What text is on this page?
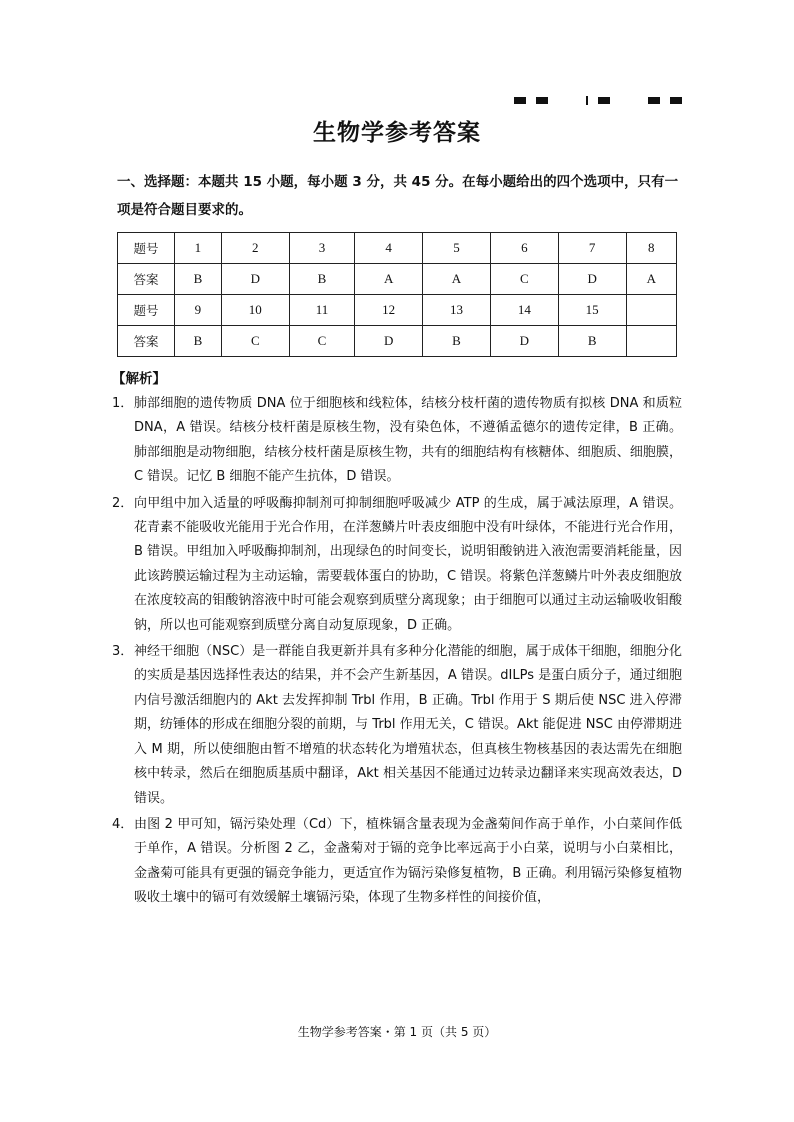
生物学参考答案
一、选择题：本题共 15 小题，每小题 3 分，共 45 分。在每小题给出的四个选项中，只有一项是符合题目要求的。
题号	1	2	3	4	5	6	7	8
答案	B	D	B	A	A	C	D	A
题号	9	10	11	12	13	14	15	
答案	B	C	C	D	B	D	B	
【解析】
1． 肺部细胞的遗传物质 DNA 位于细胞核和线粒体，结核分枝杆菌的遗传物质有拟核 DNA 和质粒 DNA，A 错误。结核分枝杆菌是原核生物，没有染色体，不遵循孟德尔的遗传定律，B 正确。肺部细胞是动物细胞，结核分枝杆菌是原核生物，共有的细胞结构有核糖体、细胞质、细胞膜，C 错误。记忆 B 细胞不能产生抗体，D 错误。
2． 向甲组中加入适量的呼吸酶抑制剂可抑制细胞呼吸减少 ATP 的生成，属于减法原理，A 错误。花青素不能吸收光能用于光合作用，在洋葱鳞片叶表皮细胞中没有叶绿体，不能进行光合作用，B 错误。甲组加入呼吸酶抑制剂，出现绿色的时间变长，说明钼酸钠进入液泡需要消耗能量，因此该跨膜运输过程为主动运输，需要载体蛋白的协助，C 错误。将紫色洋葱鳞片叶外表皮细胞放在浓度较高的钼酸钠溶液中时可能会观察到质壁分离现象；由于细胞可以通过主动运输吸收钼酸钠，所以也可能观察到质壁分离自动复原现象，D 正确。
3． 神经干细胞（NSC）是一群能自我更新并具有多种分化潜能的细胞，属于成体干细胞，细胞分化的实质是基因选择性表达的结果，并不会产生新基因，A 错误。dILPs 是蛋白质分子，通过细胞内信号激活细胞内的 Akt 去发挥抑制 Trbl 作用，B 正确。Trbl 作用于 S 期后使 NSC 进入停滞期，纺锤体的形成在细胞分裂的前期，与 Trbl 作用无关，C 错误。Akt 能促进 NSC 由停滞期进入 M 期，所以使细胞由暂不增殖的状态转化为增殖状态，但真核生物核基因的表达需先在细胞核中转录，然后在细胞质基质中翻译，Akt 相关基因不能通过边转录边翻译来实现高效表达，D 错误。
4． 由图 2 甲可知，镉污染处理（Cd）下，植株镉含量表现为金盏菊间作高于单作，小白菜间作低于单作，A 错误。分析图 2 乙，金盏菊对于镉的竞争比率远高于小白菜，说明与小白菜相比，金盏菊可能具有更强的镉竞争能力，更适宜作为镉污染修复植物，B 正确。利用镉污染修复植物吸收土壤中的镉可有效缓解土壤镉污染，体现了生物多样性的间接价值，
生物学参考答案・第 1 页（共 5 页）
